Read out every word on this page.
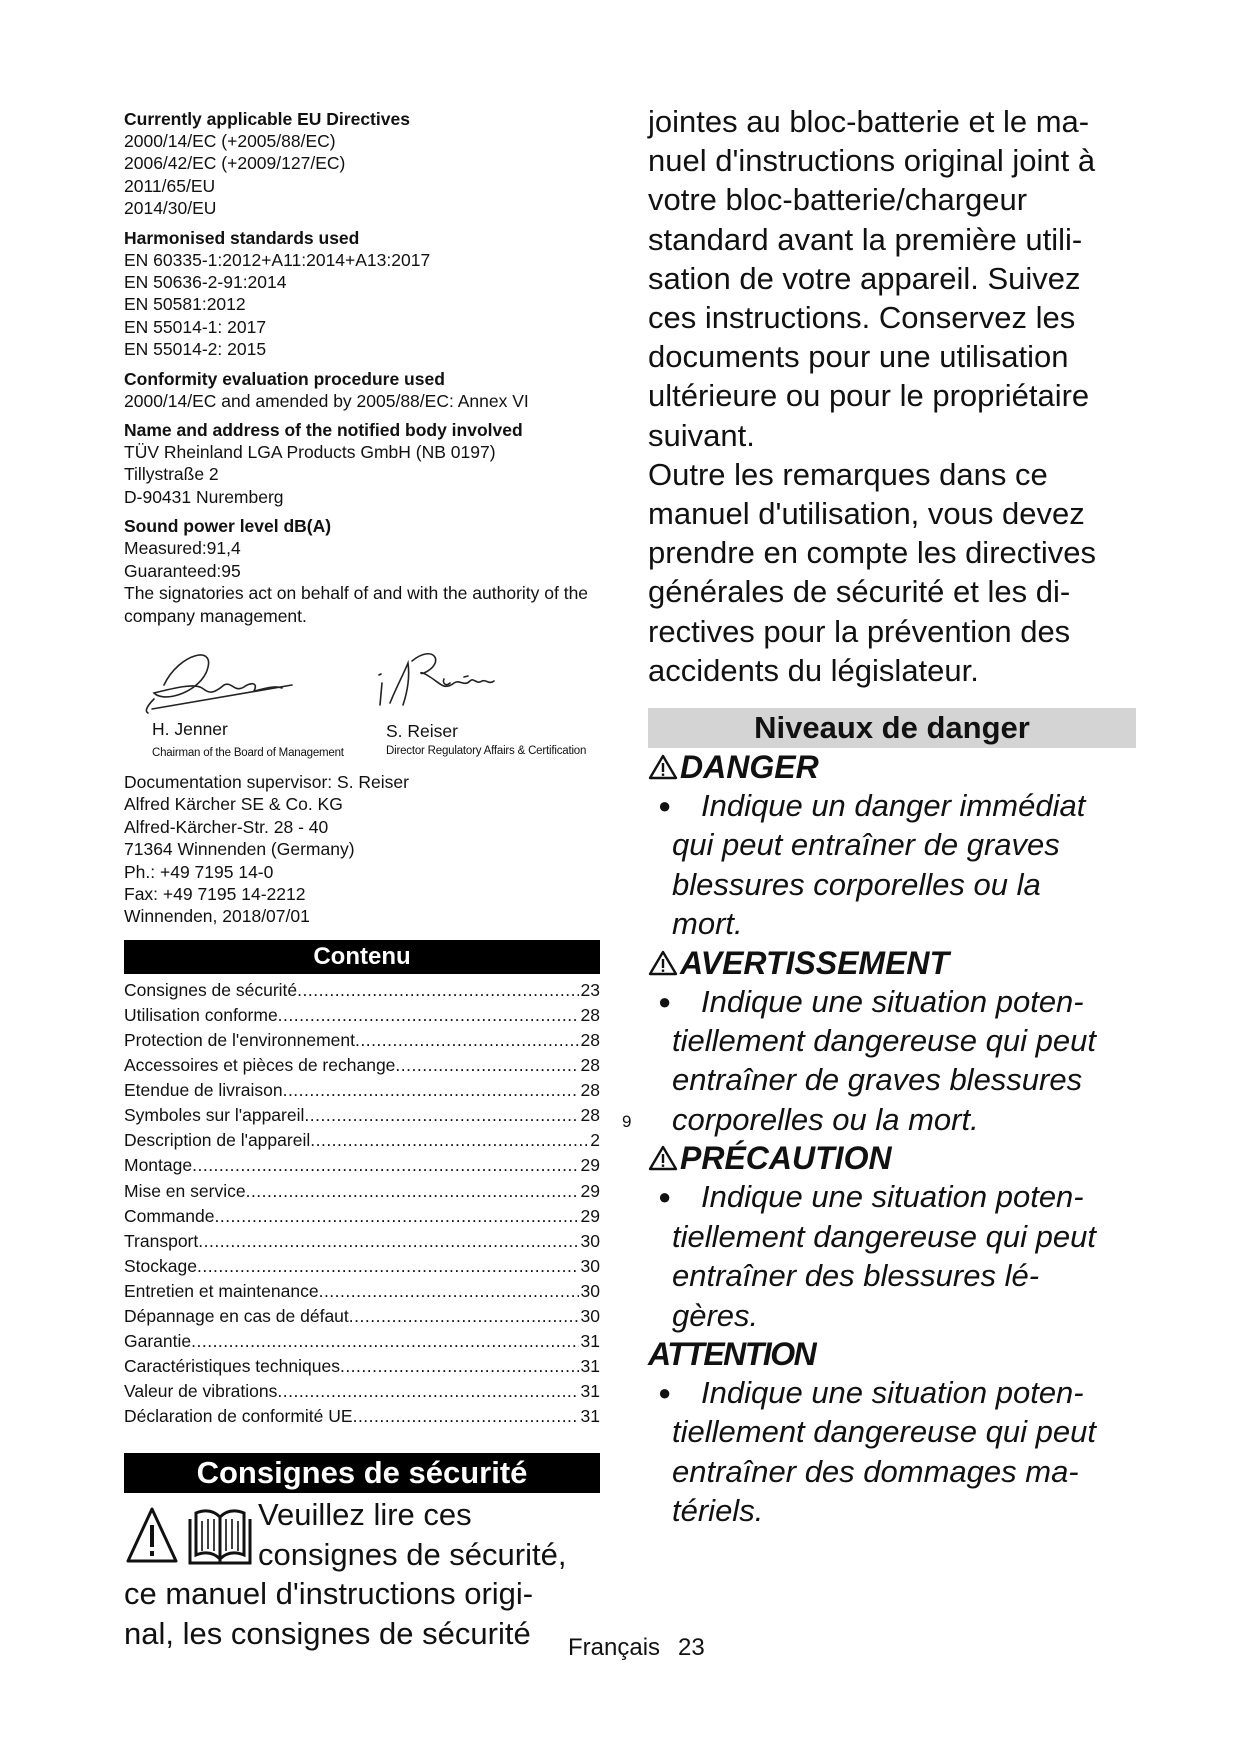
Currently applicable EU Directives
2000/14/EC (+2005/88/EC)
2006/42/EC (+2009/127/EC)
2011/65/EU
2014/30/EU
Harmonised standards used
EN 60335-1:2012+A11:2014+A13:2017
EN 50636-2-91:2014
EN 50581:2012
EN 55014-1: 2017
EN 55014-2: 2015
Conformity evaluation procedure used
2000/14/EC and amended by 2005/88/EC: Annex VI
Name and address of the notified body involved
TÜV Rheinland LGA Products GmbH (NB 0197)
Tillystraße 2
D-90431 Nuremberg
Sound power level dB(A)
Measured:91,4
Guaranteed:95
The signatories act on behalf of and with the authority of the company management.
H. Jenner
Chairman of the Board of Management
S. Reiser
Director Regulatory Affairs & Certification
Documentation supervisor: S. Reiser
Alfred Kärcher SE & Co. KG
Alfred-Kärcher-Str. 28 - 40
71364 Winnenden (Germany)
Ph.: +49 7195 14-0
Fax: +49 7195 14-2212
Winnenden, 2018/07/01
Contenu
Consignes de sécurité .....	23
Utilisation conforme .....	28
Protection de l'environnement .....	28
Accessoires et pièces de rechange .....	28
Etendue de livraison .....	28
Symboles sur l'appareil .....	28
Description de l'appareil .....	2
Montage .....	29
Mise en service .....	29
Commande .....	29
Transport .....	30
Stockage .....	30
Entretien et maintenance .....	30
Dépannage en cas de défaut .....	30
Garantie .....	31
Caractéristiques techniques .....	31
Valeur de vibrations .....	31
Déclaration de conformité UE .....	31
Consignes de sécurité
Veuillez lire ces
consignes de sécurité,
ce manuel d'instructions origi-
nal, les consignes de sécurité
9
jointes au bloc-batterie et le ma-
nuel d'instructions original joint à
votre bloc-batterie/chargeur
standard avant la première utili-
sation de votre appareil. Suivez
ces instructions. Conservez les
documents pour une utilisation
ultérieure ou pour le propriétaire
suivant.
Outre les remarques dans ce
manuel d'utilisation, vous devez
prendre en compte les directives
générales de sécurité et les di-
rectives pour la prévention des
accidents du législateur.
Niveaux de danger
DANGER
● Indique un danger immédiat
qui peut entraîner de graves
blessures corporelles ou la
mort.
AVERTISSEMENT
● Indique une situation poten-
tiellement dangereuse qui peut
entraîner de graves blessures
corporelles ou la mort.
PRÉCAUTION
● Indique une situation poten-
tiellement dangereuse qui peut
entraîner des blessures lé-
gères.
ATTENTION
● Indique une situation poten-
tiellement dangereuse qui peut
entraîner des dommages ma-
tériels.
Français 23
